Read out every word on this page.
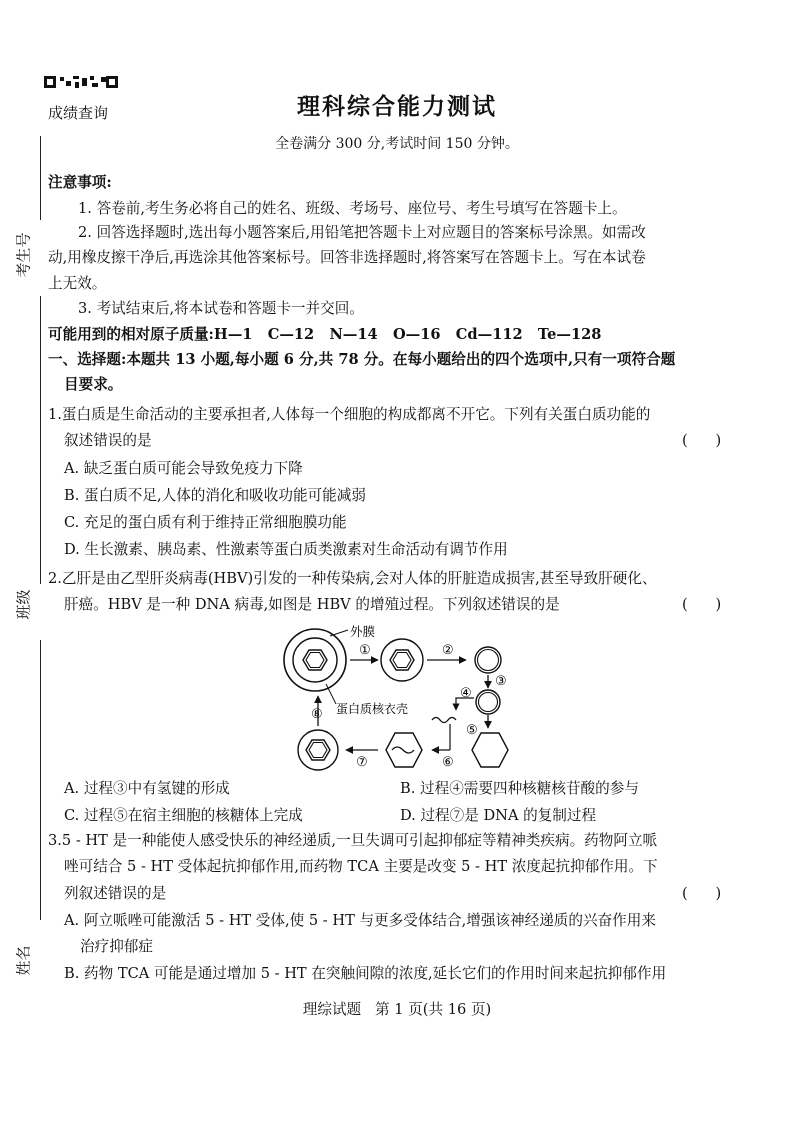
成绩查询	理科综合能力测试
全卷满分 300 分,考试时间 150 分钟。
考生号
班级
姓名
注意事项:
1. 答卷前,考生务必将自己的姓名、班级、考场号、座位号、考生号填写在答题卡上。
2. 回答选择题时,选出每小题答案后,用铅笔把答题卡上对应题目的答案标号涂黑。如需改
动,用橡皮擦干净后,再选涂其他答案标号。回答非选择题时,将答案写在答题卡上。写在本试卷
上无效。
3. 考试结束后,将本试卷和答题卡一并交回。
可能用到的相对原子质量:H—1   C—12   N—14   O—16   Cd—112   Te—128
一、选择题:本题共 13 小题,每小题 6 分,共 78 分。在每小题给出的四个选项中,只有一项符合题
目要求。
1.蛋白质是生命活动的主要承担者,人体每一个细胞的构成都离不开它。下列有关蛋白质功能的
叙述错误的是	(      )
A. 缺乏蛋白质可能会导致免疫力下降
B. 蛋白质不足,人体的消化和吸收功能可能减弱
C. 充足的蛋白质有利于维持正常细胞膜功能
D. 生长激素、胰岛素、性激素等蛋白质类激素对生命活动有调节作用
2.乙肝是由乙型肝炎病毒(HBV)引发的一种传染病,会对人体的肝脏造成损害,甚至导致肝硬化、
肝癌。HBV 是一种 DNA 病毒,如图是 HBV 的增殖过程。下列叙述错误的是	(      )
外膜
蛋白质核衣壳
①	②
③
④
⑤
⑥
⑦
⑧
A. 过程③中有氢键的形成	B. 过程④需要四种核糖核苷酸的参与
C. 过程⑤在宿主细胞的核糖体上完成	D. 过程⑦是 DNA 的复制过程
3.5 - HT 是一种能使人感受快乐的神经递质,一旦失调可引起抑郁症等精神类疾病。药物阿立哌
唑可结合 5 - HT 受体起抗抑郁作用,而药物 TCA 主要是改变 5 - HT 浓度起抗抑郁作用。下
列叙述错误的是	(      )
A. 阿立哌唑可能激活 5 - HT 受体,使 5 - HT 与更多受体结合,增强该神经递质的兴奋作用来
治疗抑郁症
B. 药物 TCA 可能是通过增加 5 - HT 在突触间隙的浓度,延长它们的作用时间来起抗抑郁作用
理综试题   第 1 页(共 16 页)
